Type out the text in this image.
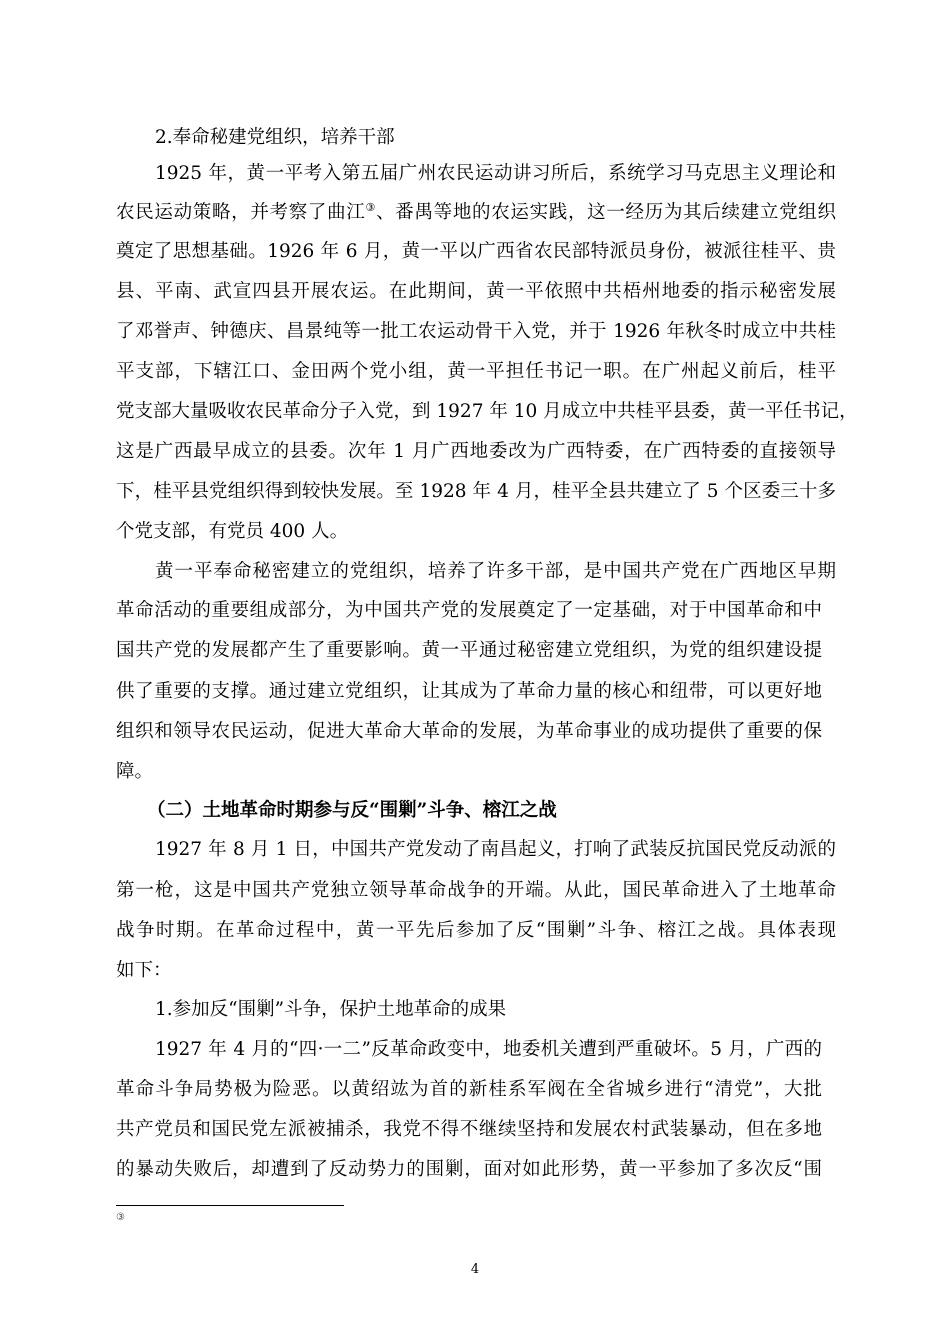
2.奉命秘建党组织，培养干部
1925 年，黄一平考入第五届广州农民运动讲习所后，系统学习马克思主义理论和
农民运动策略，并考察了曲江③、番禺等地的农运实践，这一经历为其后续建立党组织
奠定了思想基础。1926 年 6 月，黄一平以广西省农民部特派员身份，被派往桂平、贵
县、平南、武宣四县开展农运。在此期间，黄一平依照中共梧州地委的指示秘密发展
了邓誉声、钟德庆、昌景纯等一批工农运动骨干入党，并于 1926 年秋冬时成立中共桂
平支部，下辖江口、金田两个党小组，黄一平担任书记一职。在广州起义前后，桂平
党支部大量吸收农民革命分子入党，到 1927 年 10 月成立中共桂平县委，黄一平任书记，
这是广西最早成立的县委。次年 1 月广西地委改为广西特委，在广西特委的直接领导
下，桂平县党组织得到较快发展。至 1928 年 4 月，桂平全县共建立了 5 个区委三十多
个党支部，有党员 400 人。
黄一平奉命秘密建立的党组织，培养了许多干部，是中国共产党在广西地区早期
革命活动的重要组成部分，为中国共产党的发展奠定了一定基础，对于中国革命和中
国共产党的发展都产生了重要影响。黄一平通过秘密建立党组织，为党的组织建设提
供了重要的支撑。通过建立党组织，让其成为了革命力量的核心和纽带，可以更好地
组织和领导农民运动，促进大革命大革命的发展，为革命事业的成功提供了重要的保
障。
（二）土地革命时期参与反“围剿”斗争、榕江之战
1927 年 8 月 1 日，中国共产党发动了南昌起义，打响了武装反抗国民党反动派的
第一枪，这是中国共产党独立领导革命战争的开端。从此，国民革命进入了土地革命
战争时期。在革命过程中，黄一平先后参加了反“围剿”斗争、榕江之战。具体表现
如下：
1.参加反“围剿”斗争，保护土地革命的成果
1927 年 4 月的“四·一二”反革命政变中，地委机关遭到严重破坏。5 月，广西的
革命斗争局势极为险恶。以黄绍竑为首的新桂系军阀在全省城乡进行“清党”，大批
共产党员和国民党左派被捕杀，我党不得不继续坚持和发展农村武装暴动，但在多地
的暴动失败后，却遭到了反动势力的围剿，面对如此形势，黄一平参加了多次反“围
③
4
